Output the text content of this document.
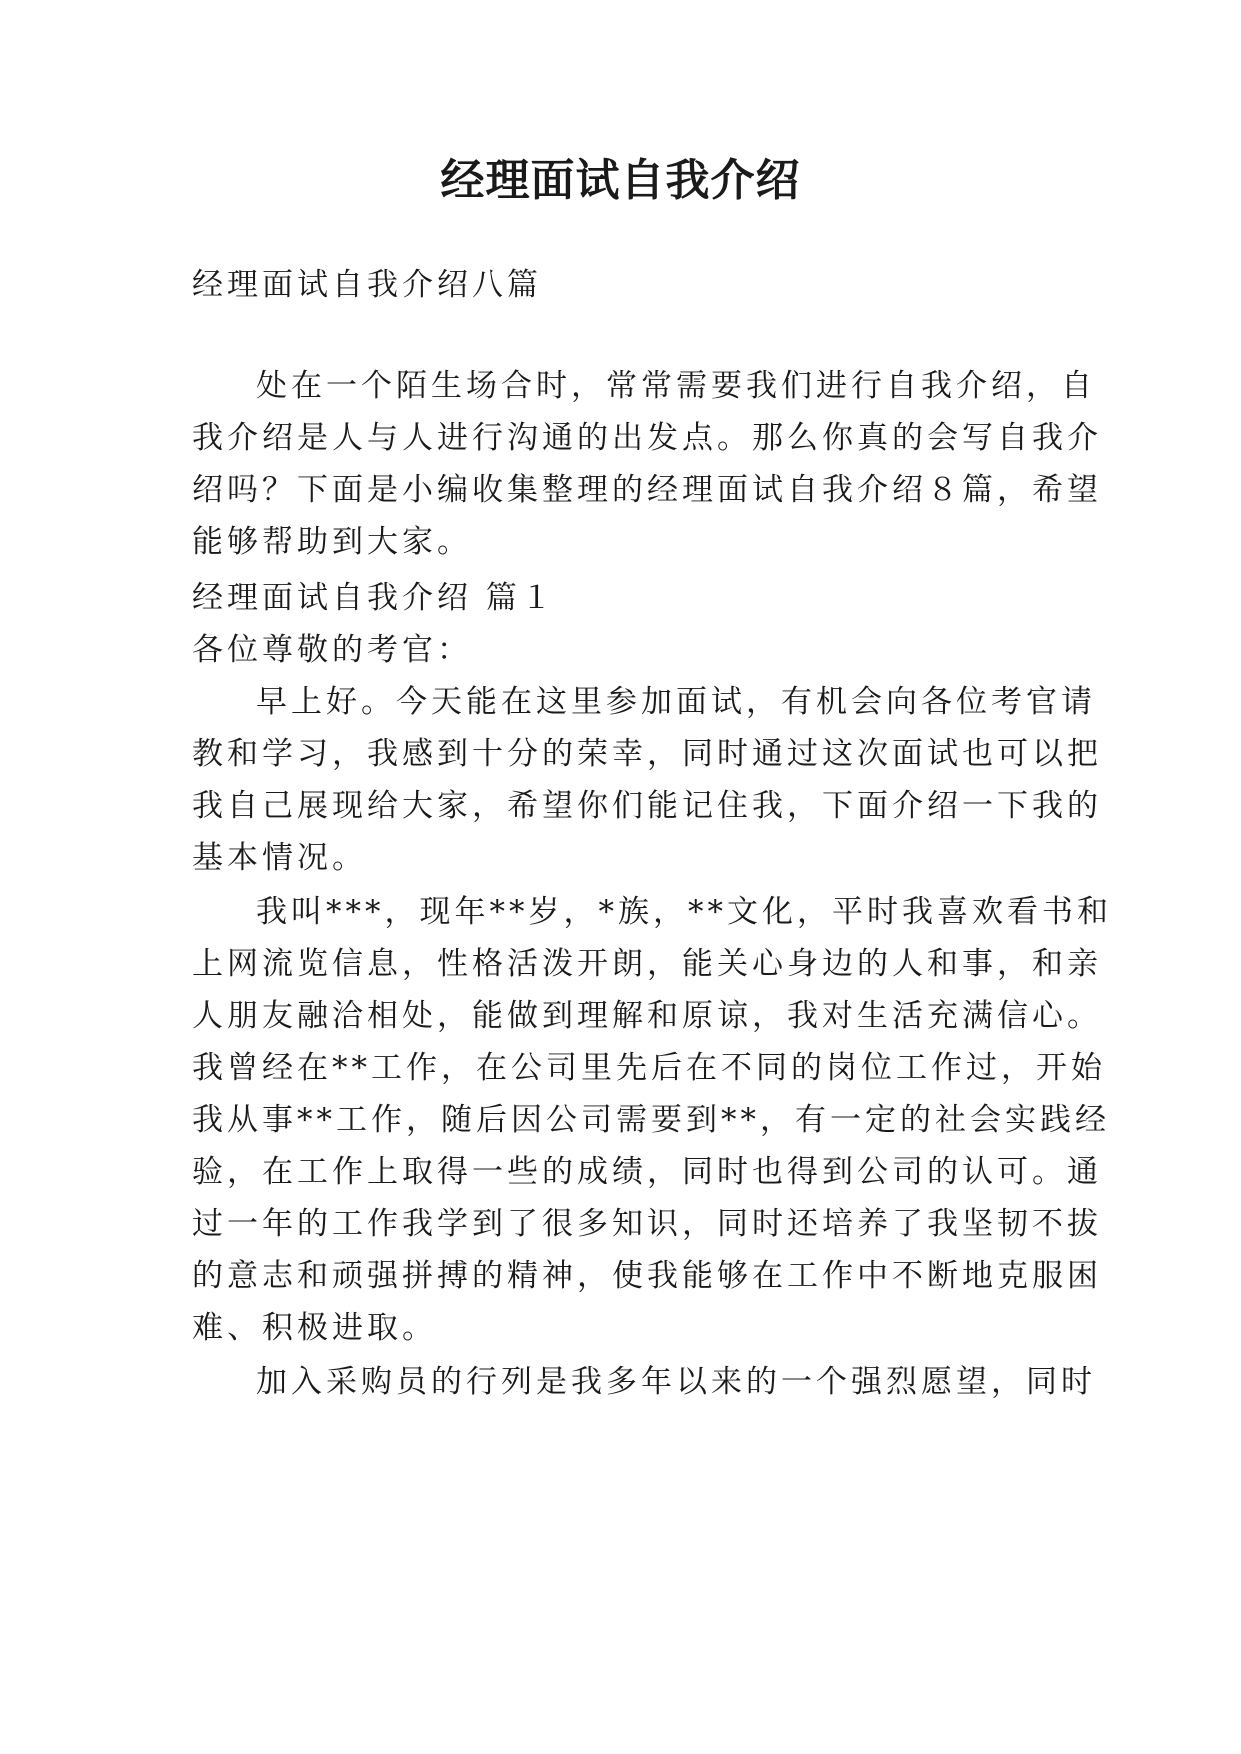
经理面试自我介绍
经理面试自我介绍八篇
处在一个陌生场合时，常常需要我们进行自我介绍，自
我介绍是人与人进行沟通的出发点。那么你真的会写自我介
绍吗？下面是小编收集整理的经理面试自我介绍８篇，希望
能够帮助到大家。
经理面试自我介绍 篇１
各位尊敬的考官：
早上好。今天能在这里参加面试，有机会向各位考官请
教和学习，我感到十分的荣幸，同时通过这次面试也可以把
我自己展现给大家，希望你们能记住我，下面介绍一下我的
基本情况。
我叫***，现年**岁，*族，**文化，平时我喜欢看书和
上网流览信息，性格活泼开朗，能关心身边的人和事，和亲
人朋友融洽相处，能做到理解和原谅，我对生活充满信心。
我曾经在**工作，在公司里先后在不同的岗位工作过，开始
我从事**工作，随后因公司需要到**，有一定的社会实践经
验，在工作上取得一些的成绩，同时也得到公司的认可。通
过一年的工作我学到了很多知识，同时还培养了我坚韧不拔
的意志和顽强拼搏的精神，使我能够在工作中不断地克服困
难、积极进取。
加入采购员的行列是我多年以来的一个强烈愿望，同时
